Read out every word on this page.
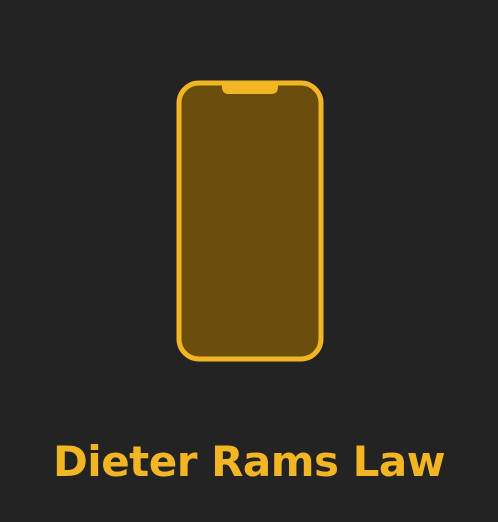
Dieter Rams Law
